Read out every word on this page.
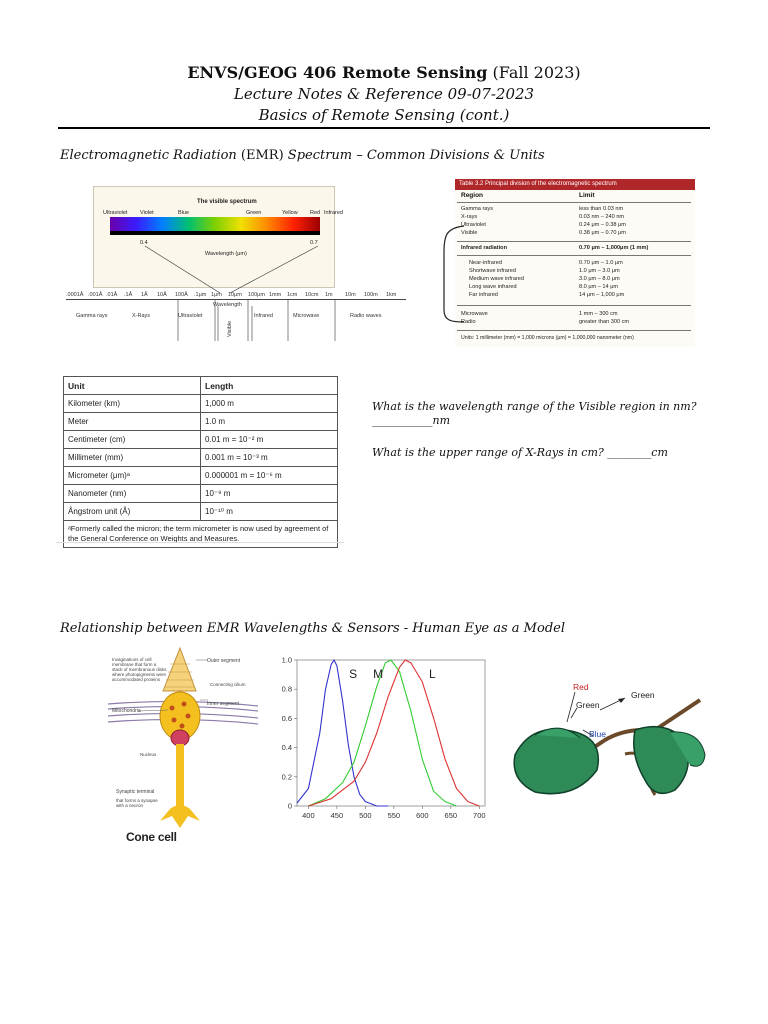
ENVS/GEOG 406 Remote Sensing (Fall 2023)
Lecture Notes & Reference 09-07-2023
Basics of Remote Sensing (cont.)
Electromagnetic Radiation (EMR) Spectrum – Common Divisions & Units
The visible spectrum
Ultraviolet Violet	Blue	Green	Yellow Red Infrared
0.4	0.7
Wavelength (μm)
.0001Å .001Å .01Å .1Å 1Å 10Å 100Å .1μm 1μm 10μm 100μm 1mm 1cm 10cm 1m 10m 100m 1km
Wavelength
Gamma rays	X-Rays	Ultraviolet
Visible
Infrared	Microwave	Radio waves
Table 3.2 Principal division of the electromagnetic spectrum
Region	Limit
Gamma rays	less than 0.03 nm
X-rays	0.03 nm – 240 nm
Ultraviolet	0.24 μm – 0.38 μm
Visible	0.38 μm – 0.70 μm
Infrared radiation	0.70 μm – 1,000μm (1 mm)
Near-infrared	0.70 μm – 1.0 μm
Shortwave infrared	1.0 μm – 3.0 μm
Medium wave infrared	3.0 μm – 8.0 μm
Long wave infrared	8.0 μm – 14 μm
Far infrared	14 μm – 1,000 μm
Microwave	1 mm – 300 cm
Radio	greater than 300 cm
Units: 1 millimeter (mm) = 1,000 microns (μm) = 1,000,000 nanometer (nm)
Unit	Length
Kilometer (km)	1,000 m
Meter	1.0 m
Centimeter (cm)	0.01 m = 10⁻² m
Millimeter (mm)	0.001 m = 10⁻³ m
Micrometer (μm)ᵃ	0.000001 m = 10⁻⁶ m
Nanometer (nm)	10⁻⁹ m
Ångstrom unit (Å)	10⁻¹⁰ m
ᵃFormerly called the micron; the term micrometer is now used by agreement of the General Conference on Weights and Measures.	
What is the wavelength range of the Visible region in nm?
___________nm
What is the upper range of X-Rays in cm? ________cm
Relationship between EMR Wavelengths & Sensors - Human Eye as a Model
Invaginations of cell membrane that form a stack of membranous disks where photopigments were accommodated proteins
Outer segment
Connecting cilium
Inner segment
Mitochondria
Nucleus
Synaptic terminal
that forms a synapse with a neuron
Cone cell
400 450 500 550 600 650 700
0
0.2
0.4
0.6
0.8
1.0
S M	L
Red
Green
Green
Blue
